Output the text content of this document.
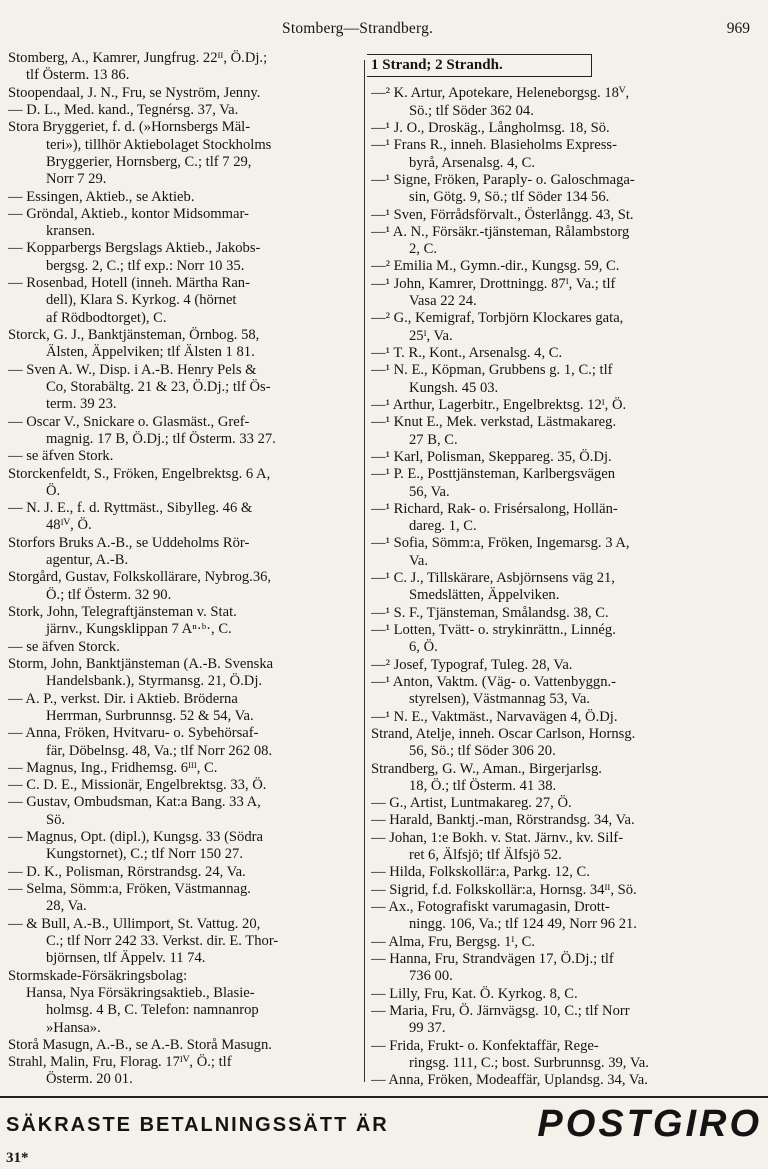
Stomberg—Strandberg.	969
Stomberg, A., Kamrer, Jungfrug. 22ᴵᴵ, Ö.Dj.;
tlf Österm. 13 86.
Stoopendaal, J. N., Fru, se Nyström, Jenny.
— D. L., Med. kand., Tegnérsg. 37, Va.
Stora Bryggeriet, f. d. (»Hornsbergs Mäl-
teri»), tillhör Aktiebolaget Stockholms
Bryggerier, Hornsberg, C.; tlf 7 29,
Norr 7 29.
— Essingen, Aktieb., se Aktieb.
— Gröndal, Aktieb., kontor Midsommar-
kransen.
— Kopparbergs Bergslags Aktieb., Jakobs-
bergsg. 2, C.; tlf exp.: Norr 10 35.
— Rosenbad, Hotell (inneh. Märtha Ran-
dell), Klara S. Kyrkog. 4 (hörnet
af Rödbodtorget), C.
Storck, G. J., Banktjänsteman, Örnbog. 58,
Älsten, Äppelviken; tlf Älsten 1 81.
— Sven A. W., Disp. i A.-B. Henry Pels &
Co, Storabältg. 21 & 23, Ö.Dj.; tlf Ös-
term. 39 23.
— Oscar V., Snickare o. Glasmäst., Gref-
magnig. 17 B, Ö.Dj.; tlf Österm. 33 27.
— se äfven Stork.
Storckenfeldt, S., Fröken, Engelbrektsg. 6 A,
Ö.
— N. J. E., f. d. Ryttmäst., Sibylleg. 46 &
48ᴵⱽ, Ö.
Storfors Bruks A.-B., se Uddeholms Rör-
agentur, A.-B.
Storgård, Gustav, Folkskollärare, Nybrog.36,
Ö.; tlf Österm. 32 90.
Stork, John, Telegraftjänsteman v. Stat.
järnv., Kungsklippan 7 Aⁿ·ᵇ·, C.
— se äfven Storck.
Storm, John, Banktjänsteman (A.-B. Svenska
Handelsbank.), Styrmansg. 21, Ö.Dj.
— A. P., verkst. Dir. i Aktieb. Brödernа
Herrman, Surbrunnsg. 52 & 54, Va.
— Anna, Fröken, Hvitvaru- o. Sybehörsaf-
fär, Döbelnsg. 48, Va.; tlf Norr 262 08.
— Magnus, Ing., Fridhemsg. 6ᴵᴵᴵ, C.
— C. D. E., Missionär, Engelbrektsg. 33, Ö.
— Gustav, Ombudsman, Kat:a Bang. 33 A,
Sö.
— Magnus, Opt. (dipl.), Kungsg. 33 (Södra
Kungstornet), C.; tlf Norr 150 27.
— D. K., Polisman, Rörstrandsg. 24, Va.
— Selma, Sömm:a, Fröken, Västmannag.
28, Va.
— & Bull, A.-B., Ullimport, St. Vattug. 20,
C.; tlf Norr 242 33. Verkst. dir. E. Thor-
björnsen, tlf Äppelv. 11 74.
Stormskade-Försäkringsbolag:
Hansa, Nya Försäkringsaktieb., Blasie-
holmsg. 4 B, C. Telefon: namnanrop
»Hansa».
Storå Masugn, A.-B., se A.-B. Storå Masugn.
Strahl, Malin, Fru, Florag. 17ᴵⱽ, Ö.; tlf
Österm. 20 01.
1 Strand; 2 Strandh.
—² K. Artur, Apotekare, Heleneborgsg. 18ⱽ,
Sö.; tlf Söder 362 04.
—¹ J. O., Droskäg., Långholmsg. 18, Sö.
—¹ Frans R., inneh. Blasieholms Express-
byrå, Arsenalsg. 4, C.
—¹ Signe, Fröken, Paraply- o. Galoschmaga-
sin, Götg. 9, Sö.; tlf Söder 134 56.
—¹ Sven, Förrådsförvalt., Österlångg. 43, St.
—¹ A. N., Försäkr.-tjänsteman, Rålambstorg
2, C.
—² Emilia M., Gymn.-dir., Kungsg. 59, C.
—¹ John, Kamrer, Drottningg. 87ᴵ, Va.; tlf
Vasa 22 24.
—² G., Kemigraf, Torbjörn Klockares gata,
25ᴵ, Va.
—¹ T. R., Kont., Arsenalsg. 4, C.
—¹ N. E., Köpman, Grubbens g. 1, C.; tlf
Kungsh. 45 03.
—¹ Arthur, Lagerbitr., Engelbrektsg. 12ᴵ, Ö.
—¹ Knut E., Mek. verkstad, Lästmakareg.
27 B, C.
—¹ Karl, Polisman, Skeppareg. 35, Ö.Dj.
—¹ P. E., Posttjänsteman, Karlbergsvägen
56, Va.
—¹ Richard, Rak- o. Frisérsalong, Hollän-
dareg. 1, C.
—¹ Sofia, Sömm:a, Fröken, Ingemarsg. 3 A,
Va.
—¹ C. J., Tillskärare, Asbjörnsens väg 21,
Smedslätten, Äppelviken.
—¹ S. F., Tjänsteman, Smålandsg. 38, C.
—¹ Lotten, Tvätt- o. strykinrättn., Linnég.
6, Ö.
—² Josef, Typograf, Tuleg. 28, Va.
—¹ Anton, Vaktm. (Väg- o. Vattenbyggn.-
styrelsen), Västmannag 53, Va.
—¹ N. E., Vaktmäst., Narvavägen 4, Ö.Dj.
Strand, Atelje, inneh. Oscar Carlson, Hornsg.
56, Sö.; tlf Söder 306 20.
Strandberg, G. W., Aman., Birgerjarlsg.
18, Ö.; tlf Österm. 41 38.
— G., Artist, Luntmakareg. 27, Ö.
— Harald, Banktj.-man, Rörstrandsg. 34, Va.
— Johan, 1:e Bokh. v. Stat. Järnv., kv. Silf-
ret 6, Älfsjö; tlf Älfsjö 52.
— Hilda, Folkskollär:a, Parkg. 12, C.
— Sigrid, f.d. Folkskollär:a, Hornsg. 34ᴵᴵ, Sö.
— Ax., Fotografiskt varumagasin, Drott-
ningg. 106, Va.; tlf 124 49, Norr 96 21.
— Alma, Fru, Bergsg. 1ᴵ, C.
— Hanna, Fru, Strandvägen 17, Ö.Dj.; tlf
736 00.
— Lilly, Fru, Kat. Ö. Kyrkog. 8, C.
— Maria, Fru, Ö. Järnvägsg. 10, C.; tlf Norr
99 37.
— Frida, Frukt- o. Konfektaffär, Rege-
ringsg. 111, C.; bost. Surbrunnsg. 39, Va.
— Anna, Fröken, Modeaffär, Uplandsg. 34, Va.
SÄKRASTE BETALNINGSSÄTT ÄR	POSTGIRO
31*
